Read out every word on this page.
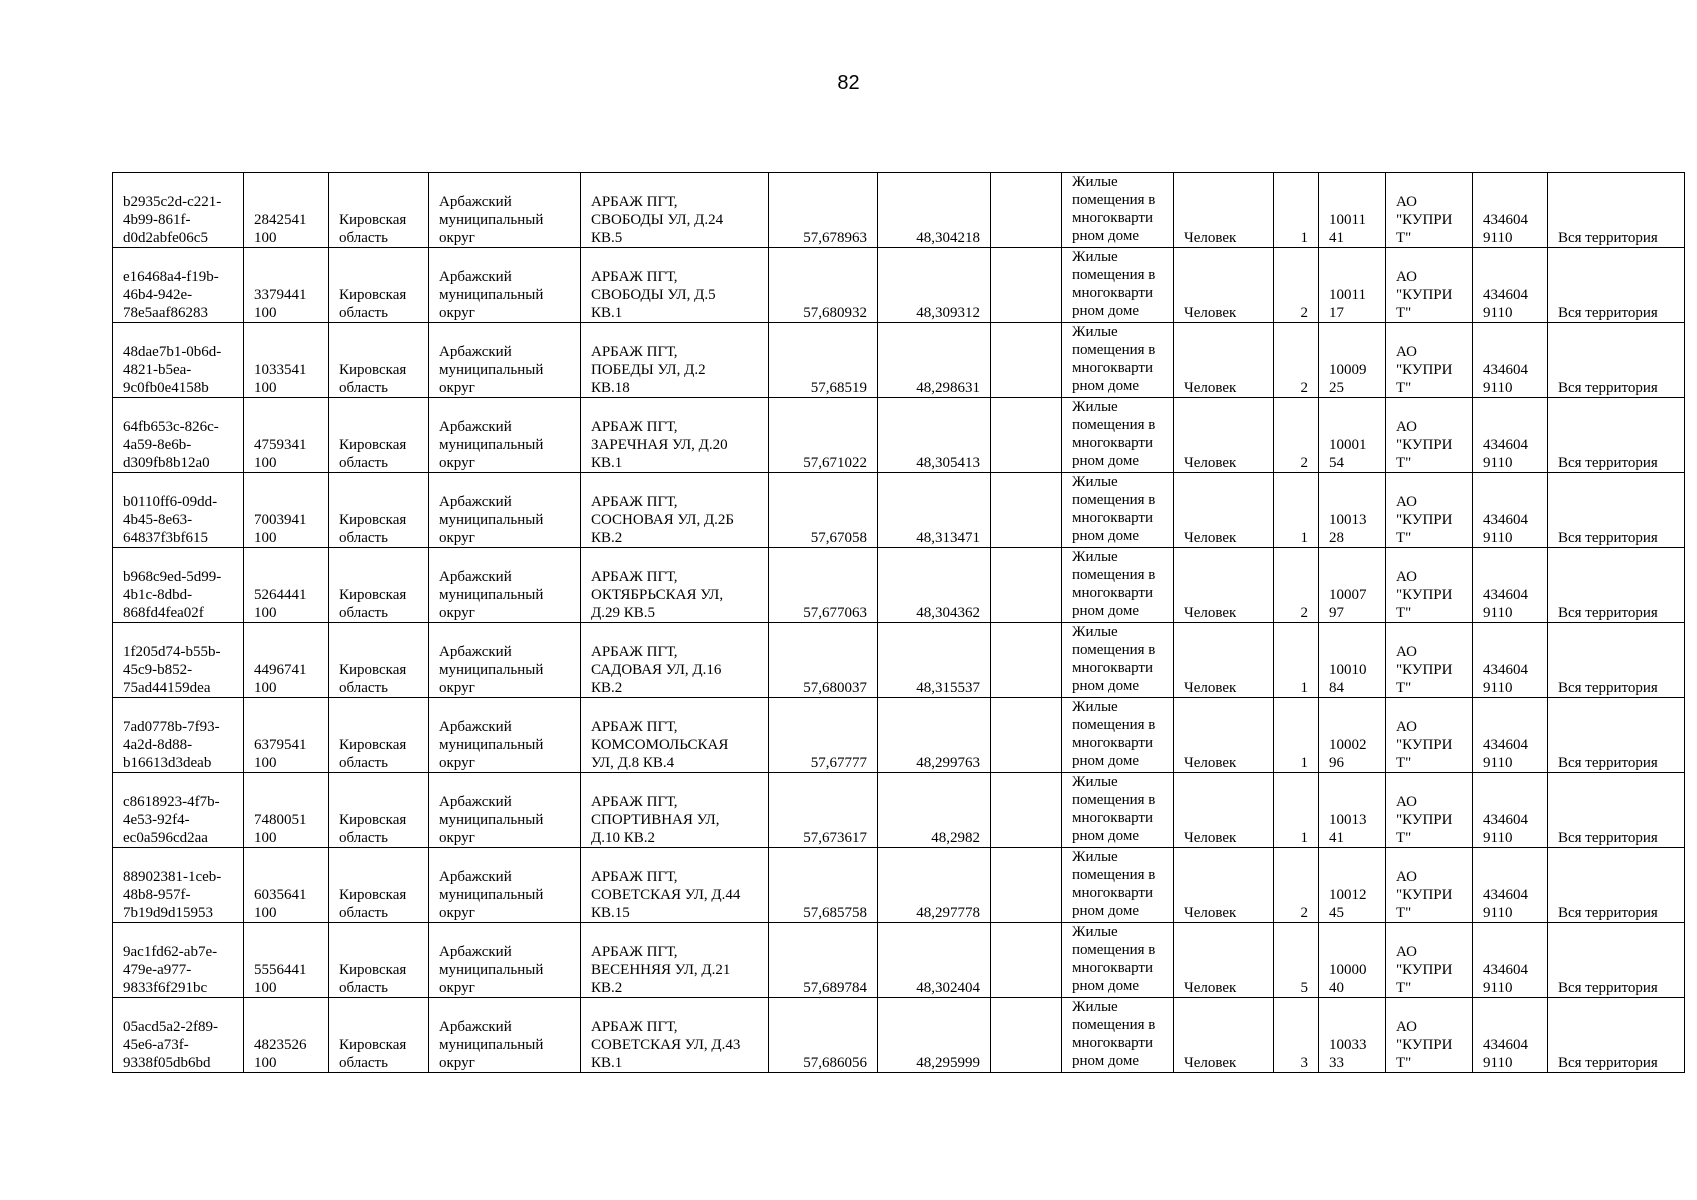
82
b2935c2d-c221-
4b99-861f-
d0d2abfe06c5	2842541
100	Кировская
область	Арбажский
муниципальный
округ	АРБАЖ ПГТ,
СВОБОДЫ УЛ, Д.24
КВ.5	57,678963	48,304218		Жилые
помещения в
многокварти
рном доме	Человек	1	10011
41	АО
"КУПРИ
Т"	434604
9110	Вся территория

e16468a4-f19b-
46b4-942e-
78e5aaf86283	3379441
100	Кировская
область	Арбажский
муниципальный
округ	АРБАЖ ПГТ,
СВОБОДЫ УЛ, Д.5
КВ.1	57,680932	48,309312		Жилые
помещения в
многокварти
рном доме	Человек	2	10011
17	АО
"КУПРИ
Т"	434604
9110	Вся территория

48dae7b1-0b6d-
4821-b5ea-
9c0fb0e4158b	1033541
100	Кировская
область	Арбажский
муниципальный
округ	АРБАЖ ПГТ,
ПОБЕДЫ УЛ, Д.2
КВ.18	57,68519	48,298631		Жилые
помещения в
многокварти
рном доме	Человек	2	10009
25	АО
"КУПРИ
Т"	434604
9110	Вся территория

64fb653c-826c-
4a59-8e6b-
d309fb8b12a0	4759341
100	Кировская
область	Арбажский
муниципальный
округ	АРБАЖ ПГТ,
ЗАРЕЧНАЯ УЛ, Д.20
КВ.1	57,671022	48,305413		Жилые
помещения в
многокварти
рном доме	Человек	2	10001
54	АО
"КУПРИ
Т"	434604
9110	Вся территория

b0110ff6-09dd-
4b45-8e63-
64837f3bf615	7003941
100	Кировская
область	Арбажский
муниципальный
округ	АРБАЖ ПГТ,
СОСНОВАЯ УЛ, Д.2Б
КВ.2	57,67058	48,313471		Жилые
помещения в
многокварти
рном доме	Человек	1	10013
28	АО
"КУПРИ
Т"	434604
9110	Вся территория

b968c9ed-5d99-
4b1c-8dbd-
868fd4fea02f	5264441
100	Кировская
область	Арбажский
муниципальный
округ	АРБАЖ ПГТ,
ОКТЯБРЬСКАЯ УЛ,
Д.29 КВ.5	57,677063	48,304362		Жилые
помещения в
многокварти
рном доме	Человек	2	10007
97	АО
"КУПРИ
Т"	434604
9110	Вся территория

1f205d74-b55b-
45c9-b852-
75ad44159dea	4496741
100	Кировская
область	Арбажский
муниципальный
округ	АРБАЖ ПГТ,
САДОВАЯ УЛ, Д.16
КВ.2	57,680037	48,315537		Жилые
помещения в
многокварти
рном доме	Человек	1	10010
84	АО
"КУПРИ
Т"	434604
9110	Вся территория

7ad0778b-7f93-
4a2d-8d88-
b16613d3deab	6379541
100	Кировская
область	Арбажский
муниципальный
округ	АРБАЖ ПГТ,
КОМСОМОЛЬСКАЯ
УЛ, Д.8 КВ.4	57,67777	48,299763		Жилые
помещения в
многокварти
рном доме	Человек	1	10002
96	АО
"КУПРИ
Т"	434604
9110	Вся территория

c8618923-4f7b-
4e53-92f4-
ec0a596cd2aa	7480051
100	Кировская
область	Арбажский
муниципальный
округ	АРБАЖ ПГТ,
СПОРТИВНАЯ УЛ,
Д.10 КВ.2	57,673617	48,2982		Жилые
помещения в
многокварти
рном доме	Человек	1	10013
41	АО
"КУПРИ
Т"	434604
9110	Вся территория

88902381-1ceb-
48b8-957f-
7b19d9d15953	6035641
100	Кировская
область	Арбажский
муниципальный
округ	АРБАЖ ПГТ,
СОВЕТСКАЯ УЛ, Д.44
КВ.15	57,685758	48,297778		Жилые
помещения в
многокварти
рном доме	Человек	2	10012
45	АО
"КУПРИ
Т"	434604
9110	Вся территория

9ac1fd62-ab7e-
479e-a977-
9833f6f291bc	5556441
100	Кировская
область	Арбажский
муниципальный
округ	АРБАЖ ПГТ,
ВЕСЕННЯЯ УЛ, Д.21
КВ.2	57,689784	48,302404		Жилые
помещения в
многокварти
рном доме	Человек	5	10000
40	АО
"КУПРИ
Т"	434604
9110	Вся территория

05acd5a2-2f89-
45e6-a73f-
9338f05db6bd	4823526
100	Кировская
область	Арбажский
муниципальный
округ	АРБАЖ ПГТ,
СОВЕТСКАЯ УЛ, Д.43
КВ.1	57,686056	48,295999		Жилые
помещения в
многокварти
рном доме	Человек	3	10033
33	АО
"КУПРИ
Т"	434604
9110	Вся территория
